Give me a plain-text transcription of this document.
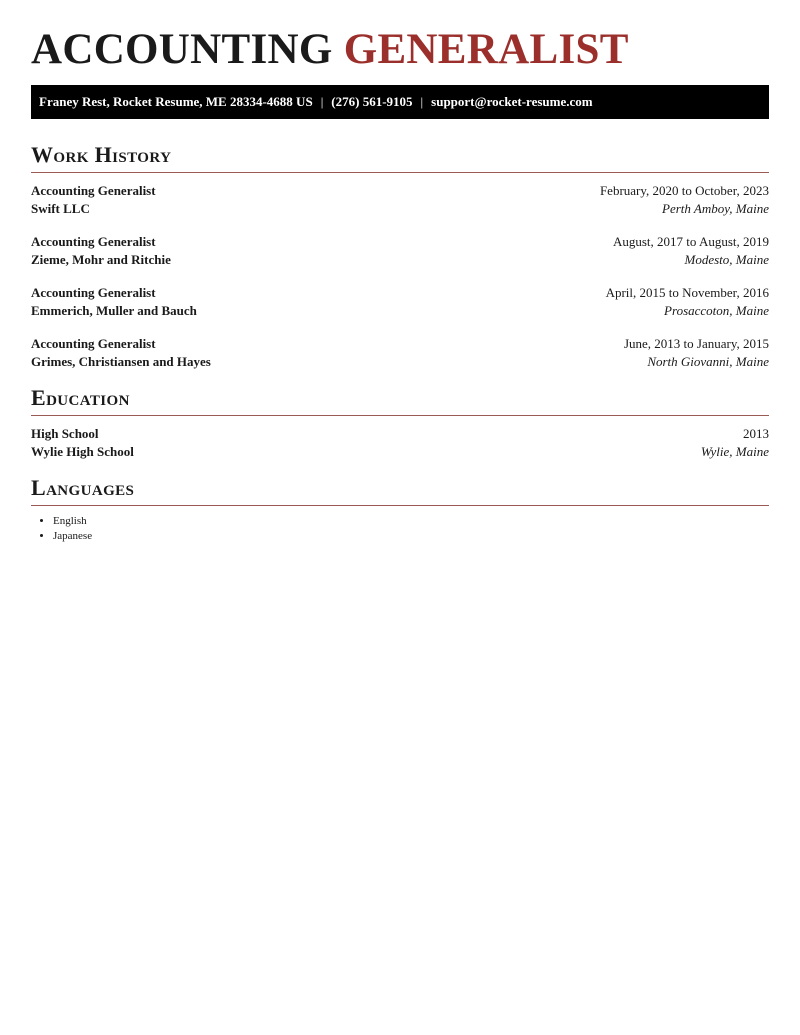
ACCOUNTING GENERALIST
Franey Rest, Rocket Resume, ME 28334-4688 US | (276) 561-9105 | support@rocket-resume.com
Work History
Accounting Generalist	February, 2020 to October, 2023
Swift LLC	Perth Amboy, Maine
Accounting Generalist	August, 2017 to August, 2019
Zieme, Mohr and Ritchie	Modesto, Maine
Accounting Generalist	April, 2015 to November, 2016
Emmerich, Muller and Bauch	Prosaccoton, Maine
Accounting Generalist	June, 2013 to January, 2015
Grimes, Christiansen and Hayes	North Giovanni, Maine
Education
High School	2013
Wylie High School	Wylie, Maine
Languages
• English
• Japanese
